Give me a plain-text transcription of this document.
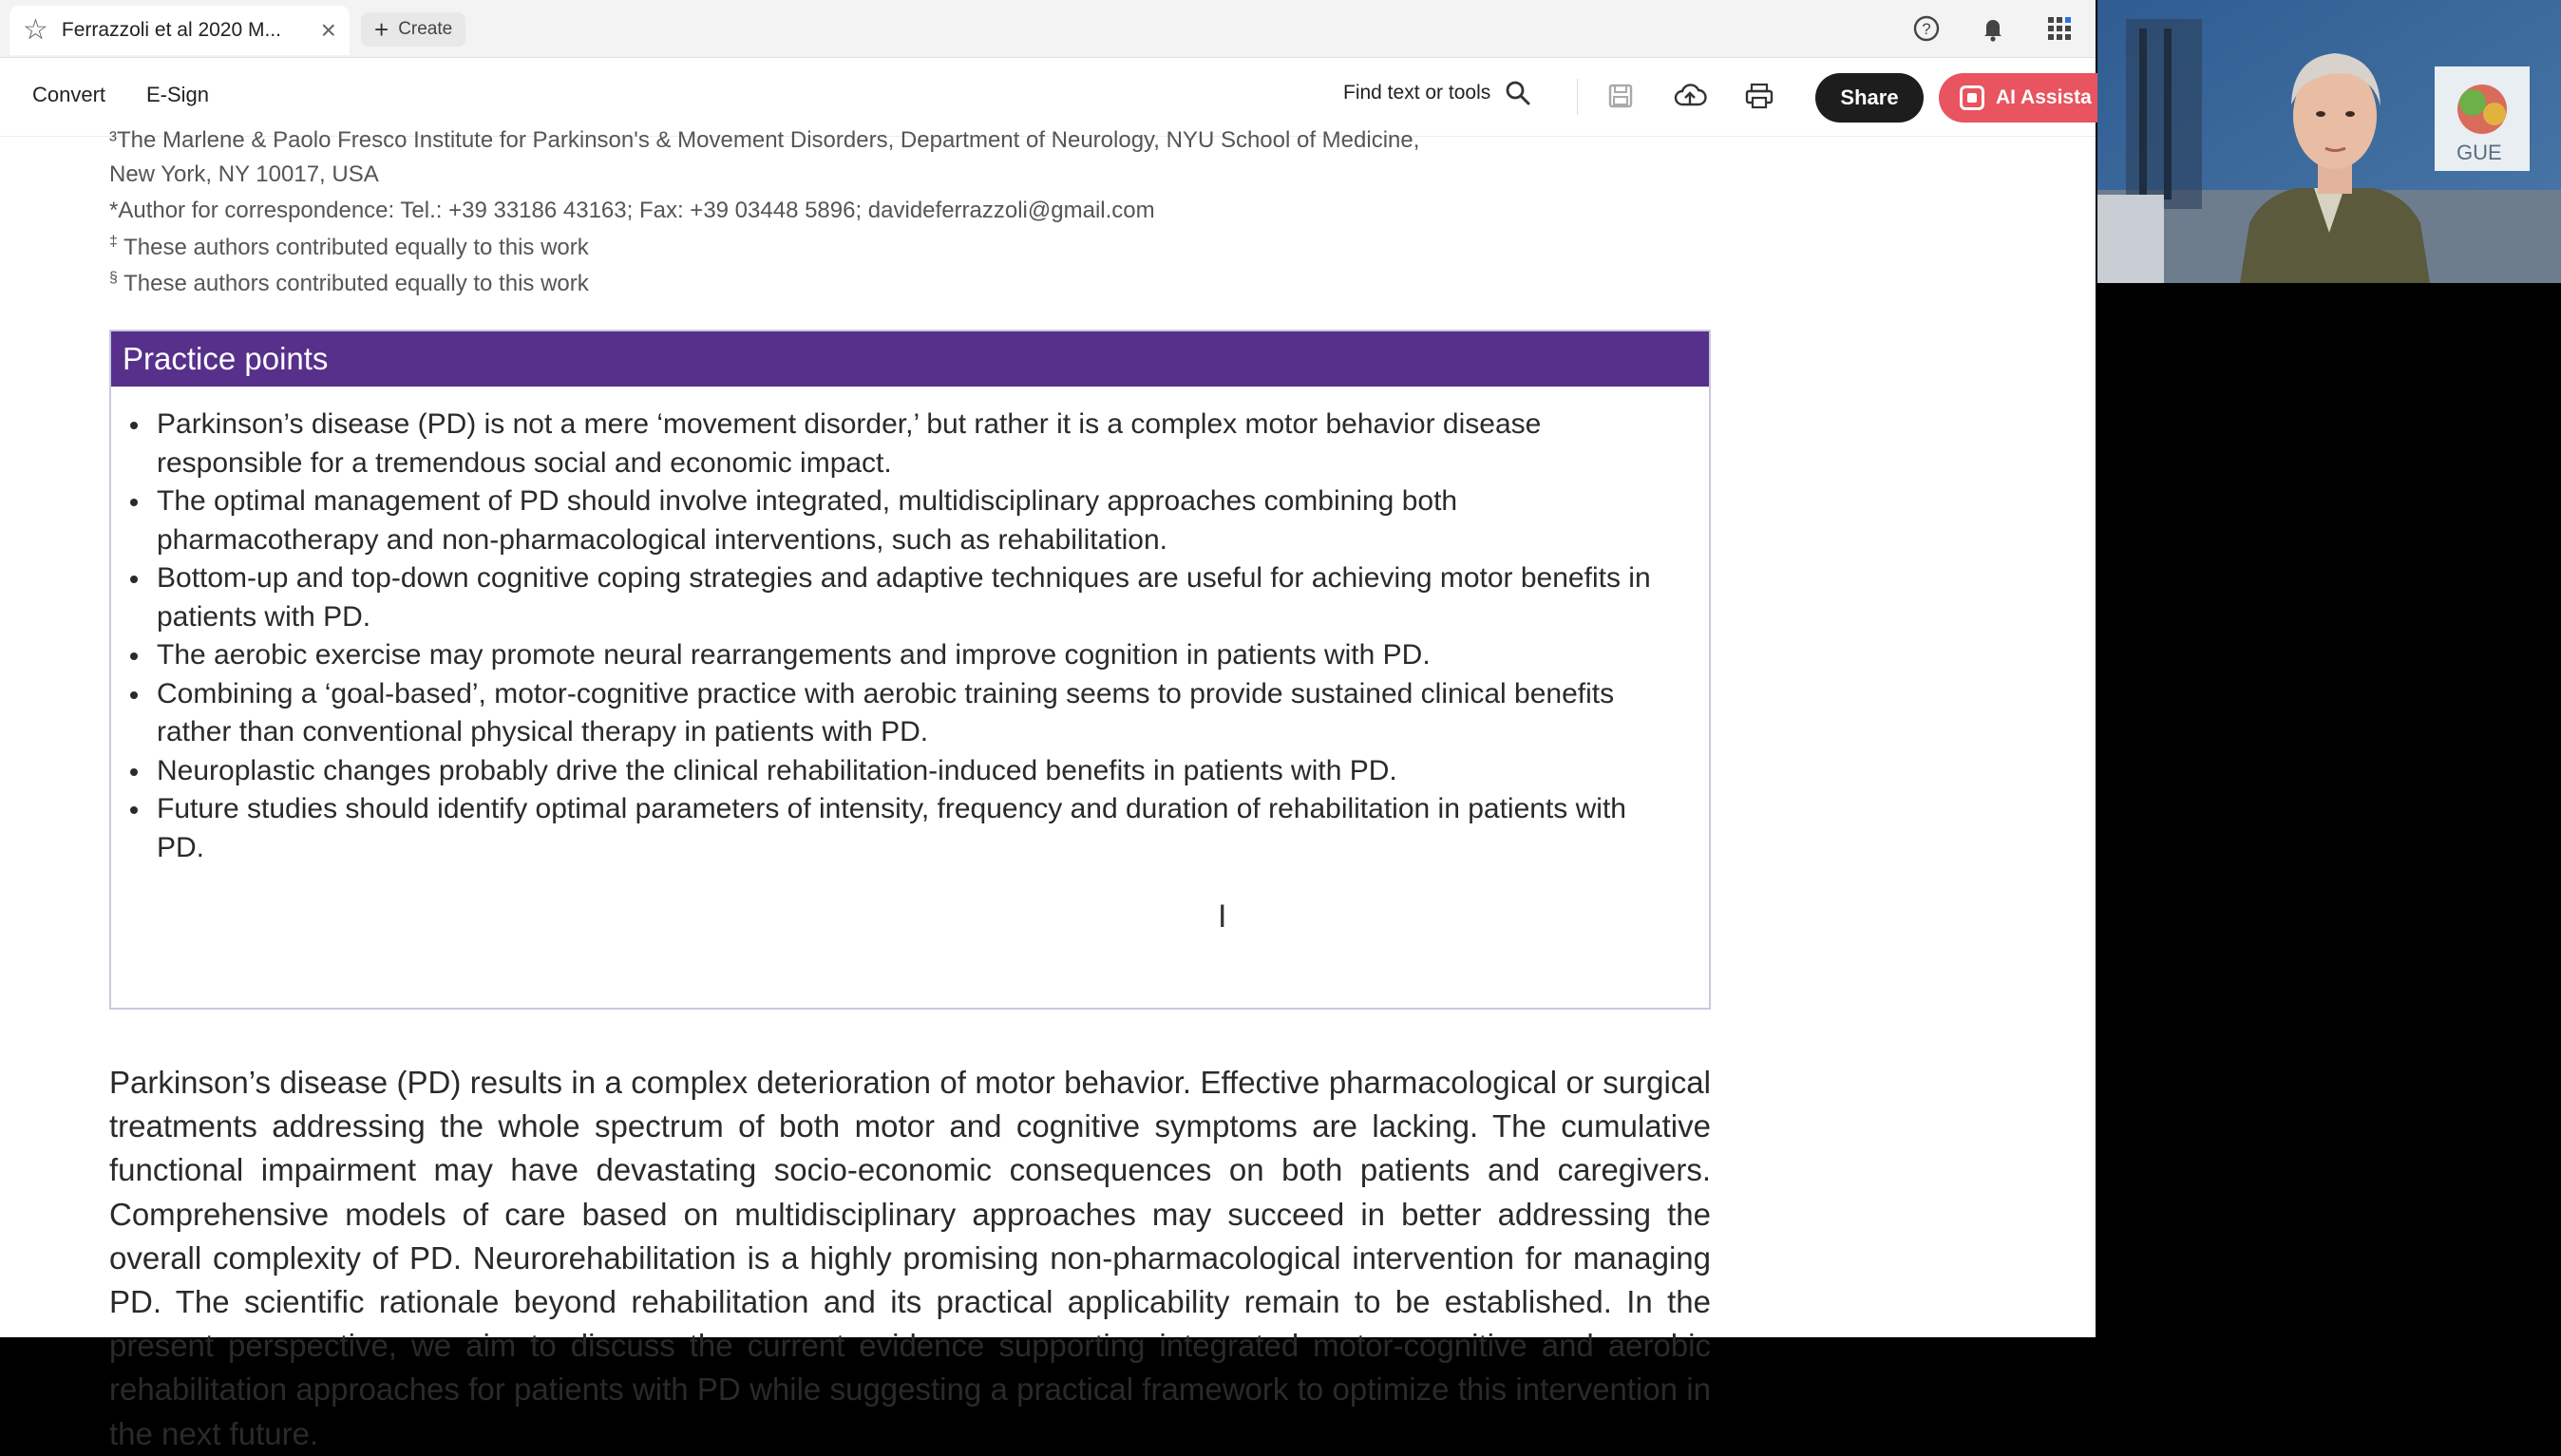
☆ Ferrazzoli et al 2020 M...	× + Create	?
Convert E-Sign	Find text or tools	Share	AI Assista
³The Marlene & Paolo Fresco Institute for Parkinson's & Movement Disorders, Department of Neurology, NYU School of Medicine,
New York, NY 10017, USA
*Author for correspondence: Tel.: +39 33186 43163; Fax: +39 03448 5896; davideferrazzoli@gmail.com
‡ These authors contributed equally to this work
§ These authors contributed equally to this work
Practice points
Parkinson’s disease (PD) is not a mere ‘movement disorder,’ but rather it is a complex motor behavior disease responsible for a tremendous social and economic impact.
The optimal management of PD should involve integrated, multidisciplinary approaches combining both pharmacotherapy and non-pharmacological interventions, such as rehabilitation.
Bottom-up and top-down cognitive coping strategies and adaptive techniques are useful for achieving motor benefits in patients with PD.
The aerobic exercise may promote neural rearrangements and improve cognition in patients with PD.
Combining a ‘goal-based’, motor-cognitive practice with aerobic training seems to provide sustained clinical benefits rather than conventional physical therapy in patients with PD.
Neuroplastic changes probably drive the clinical rehabilitation-induced benefits in patients with PD.
Future studies should identify optimal parameters of intensity, frequency and duration of rehabilitation in patients with PD.
I

Parkinson’s disease (PD) results in a complex deterioration of motor behavior. Effective pharmacological or surgical treatments addressing the whole spectrum of both motor and cognitive symptoms are lacking. The cumulative functional impairment may have devastating socio-economic consequences on both patients and caregivers. Comprehensive models of care based on multidisciplinary approaches may succeed in better addressing the overall complexity of PD. Neurorehabilitation is a highly promising non-pharmacological intervention for managing PD. The scientific rationale beyond rehabilitation and its practical applicability remain to be established. In the present perspective, we aim to discuss the current evidence supporting integrated motor-cognitive and aerobic rehabilitation approaches for patients with PD while suggesting a practical framework to optimize this intervention in the next future.

GUE
